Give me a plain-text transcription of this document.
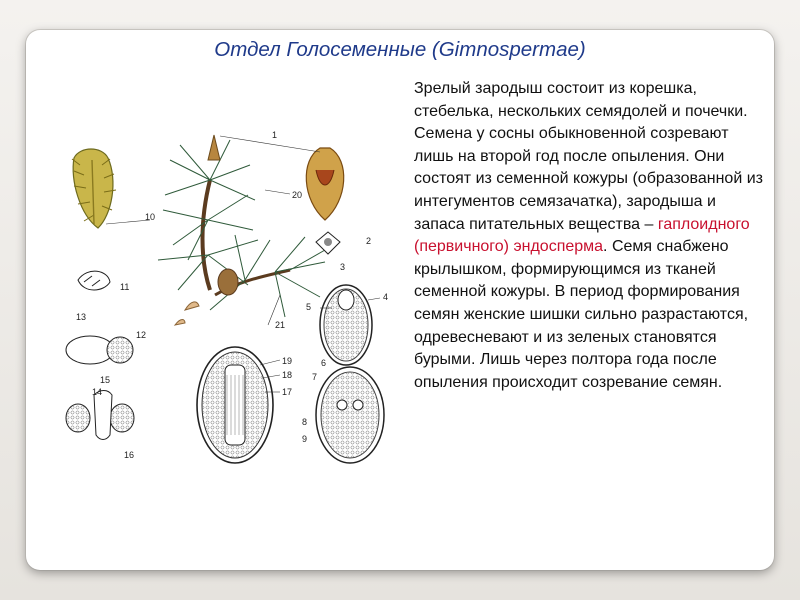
Отдел Голосеменные (Gimnospermae)
Зрелый зародыш состоит из корешка, стебелька, нескольких семядолей и почечки. Семена у сосны обыкновенной созревают лишь на второй год после опыления. Они состоят из семенной кожуры (образованной из интегументов семязачатка), зародыша и запаса питательных вещества – гаплоидного (первичного) эндосперма. Семя снабжено крылышком, формирующимся из тканей семенной кожуры. В период формирования семян женские шишки сильно разрастаются, одревесневают и из зеленых становятся бурыми. Лишь через полтора года после опыления происходит созревание семян.
1
2
3
4
5
6
7
8
9
10
11
12
13
14
15
16
17
18
19
20
21
